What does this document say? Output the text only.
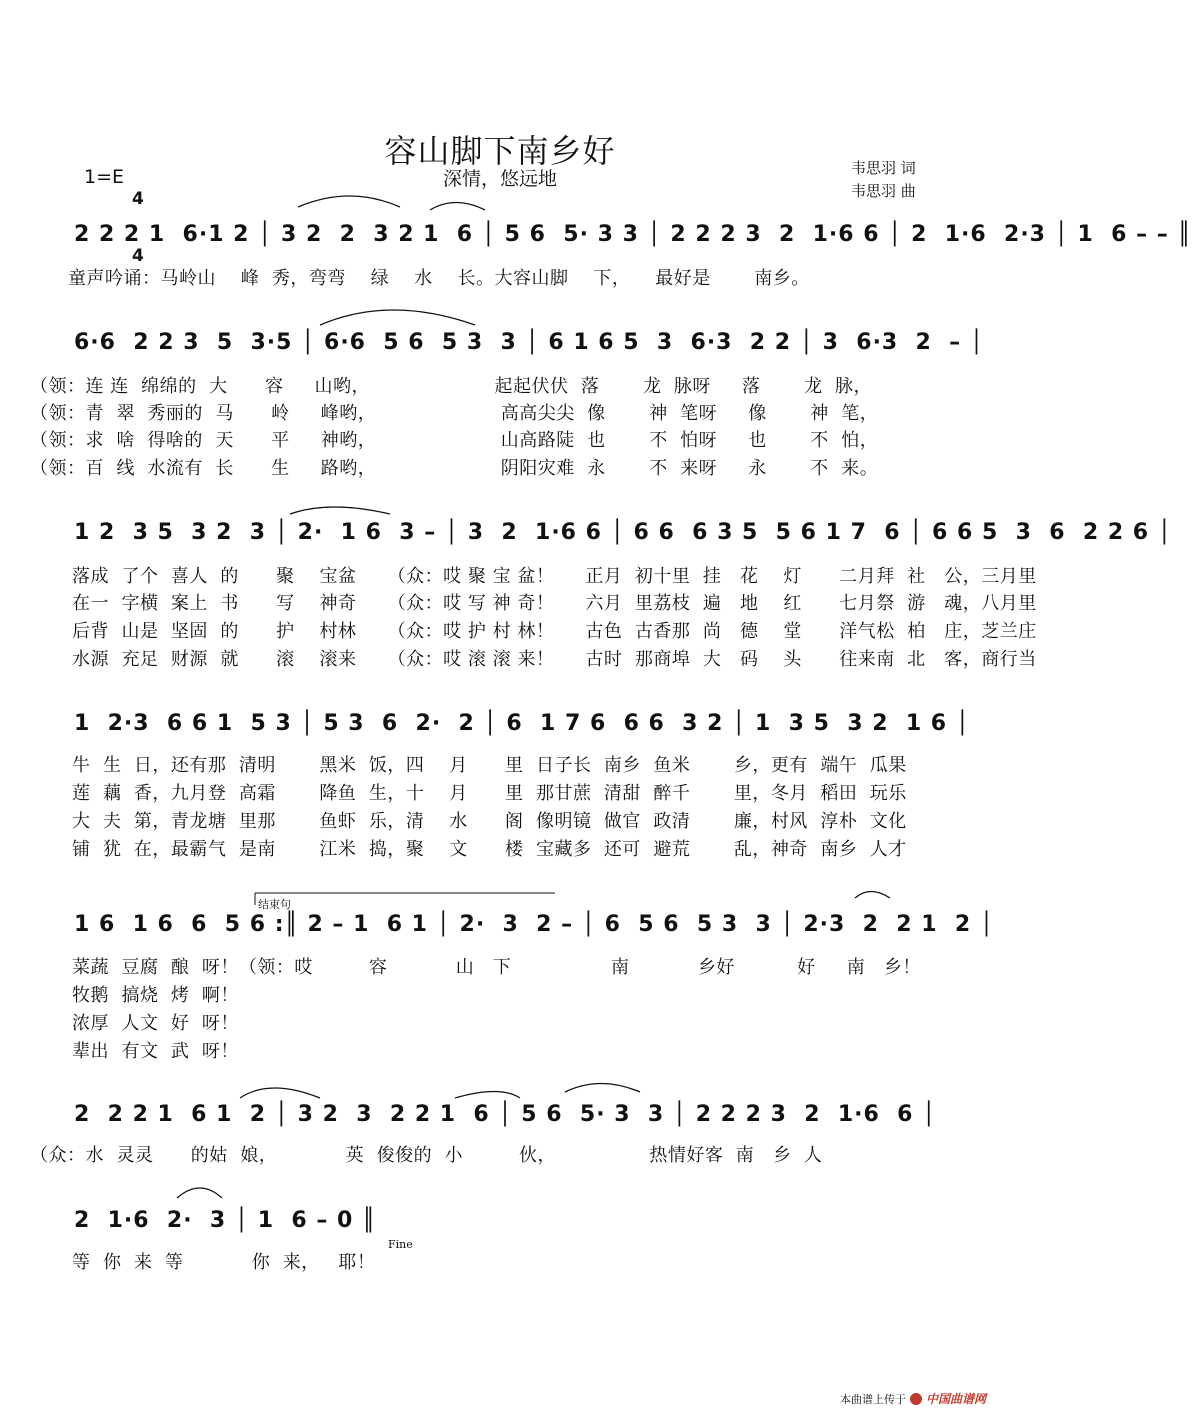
容山脚下南乡好
1=E

4

4

深情，悠远地	韦思羽 词
韦思羽 曲
2 2 2 1  6·1 2 │ 3 2  2  3 2 1  6 │ 5 6  5· 3 3 │ 2 2 2 3  2  1·6 6 │ 2  1·6  2·3 │ 1  6 – – ║
童声吟诵：马岭山    峰  秀，弯弯    绿    水    长。大容山脚    下，    最好是       南乡。
6·6  2 2 3  5  3·5 │ 6·6  5 6  5 3  3 │ 6 1 6 5  3  6·3  2 2 │ 3  6·3  2  – │
（领：连 连  绵绵的  大      容     山哟，                    起起伏伏  落       龙  脉呀     落       龙  脉，
（领：青  翠  秀丽的  马      岭     峰哟，                    高高尖尖  像       神  笔呀     像       神  笔，
（领：求  啥  得啥的  天      平     神哟，                    山高路陡  也       不  怕呀     也       不  怕，
（领：百  线  水流有  长      生     路哟，                    阴阳灾难  永       不  来呀     永       不  来。
1 2  3 5  3 2  3 │ 2·  1 6  3 – │ 3  2  1·6 6 │ 6 6  6 3 5  5 6 1 7  6 │ 6 6 5  3  6  2 2 6 │
落成  了个  喜人  的      聚    宝盆     （众：哎 聚 宝 盆！     正月  初十里  挂   花    灯      二月拜  社   公，三月里
在一  字横  案上  书      写    神奇     （众：哎 写 神 奇！     六月  里荔枝  遍   地    红      七月祭  游   魂，八月里
后背  山是  坚固  的      护    村林     （众：哎 护 村 林！     古色  古香那  尚   德    堂      洋气松  柏   庄，芝兰庄
水源  充足  财源  就      滚    滚来     （众：哎 滚 滚 来！     古时  那商埠  大   码    头      往来南  北   客，商行当
1  2·3  6 6 1  5 3 │ 5 3  6  2·  2 │ 6  1 7 6  6 6  3 2 │ 1  3 5  3 2  1 6 │
牛  生  日，还有那  清明       黑米  饭，四    月      里  日子长  南乡  鱼米       乡，更有  端午  瓜果
莲  藕  香，九月登  高霜       降鱼  生，十    月      里  那甘蔗  清甜  醉千       里，冬月  稻田  玩乐
大  夫  第，青龙塘  里那       鱼虾  乐，清    水      阁  像明镜  做官  政清       廉，村风  淳朴  文化
铺  犹  在，最霸气  是南       江米  捣，聚    文      楼  宝藏多  还可  避荒       乱，神奇  南乡  人才
结束句
1 6  1 6  6  5 6 :║ 2 – 1  6 1 │ 2·  3  2 – │ 6  5 6  5 3  3 │ 2·3  2  2 1  2 │
菜蔬  豆腐  酿  呀！（领：哎         容           山   下                南           乡好          好     南   乡！
牧鹅  搞烧  烤  啊！
浓厚  人文  好  呀！
辈出  有文  武  呀！
2  2 2 1  6 1  2 │ 3 2  3  2 2 1  6 │ 5 6  5· 3  3 │ 2 2 2 3  2  1·6  6 │
（众：水  灵灵      的姑  娘，           英  俊俊的  小         伙，               热情好客  南   乡  人
2  1·6  2·  3 │ 1  6 – 0 ║
等  你  来  等           你  来，   耶！
Fine
本曲谱上传于 中国曲谱网
